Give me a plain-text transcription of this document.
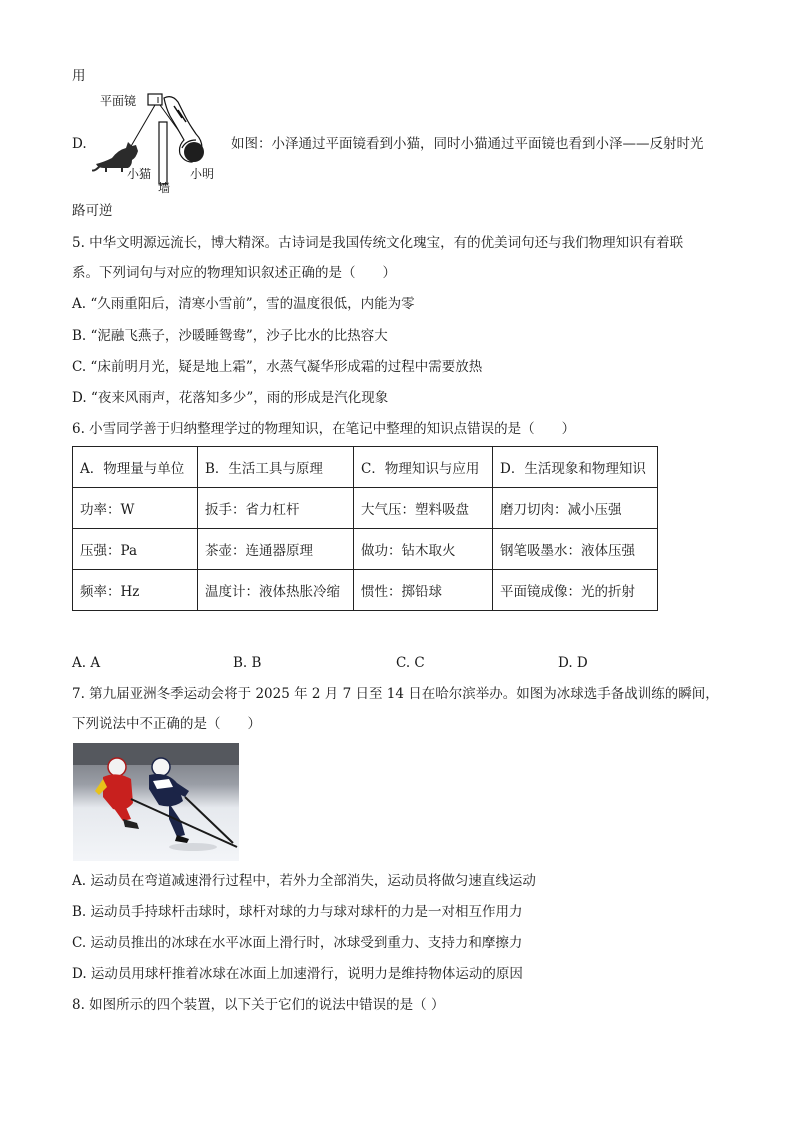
用
D.
平面镜
墙
小猫	小明
如图：小泽通过平面镜看到小猫，同时小猫通过平面镜也看到小泽——反射时光
路可逆
5. 中华文明源远流长，博大精深。古诗词是我国传统文化瑰宝，有的优美词句还与我们物理知识有着联
系。下列词句与对应的物理知识叙述正确的是（　　）
A. “久雨重阳后，清寒小雪前”，雪的温度很低，内能为零
B. “泥融飞燕子，沙暖睡鸳鸯”，沙子比水的比热容大
C. “床前明月光，疑是地上霜”，水蒸气凝华形成霜的过程中需要放热
D. “夜来风雨声，花落知多少”，雨的形成是汽化现象
6. 小雪同学善于归纳整理学过的物理知识，在笔记中整理的知识点错误的是（　　）
A．物理量与单位	B．生活工具与原理	C．物理知识与应用	D．生活现象和物理知识
功率：W	扳手：省力杠杆	大气压：塑料吸盘	磨刀切肉：减小压强
压强：Pa	茶壶：连通器原理	做功：钻木取火	钢笔吸墨水：液体压强
频率：Hz	温度计：液体热胀冷缩	惯性：掷铅球	平面镜成像：光的折射
A. A	B. B	C. C	D. D
7. 第九届亚洲冬季运动会将于 2025 年 2 月 7 日至 14 日在哈尔滨举办。如图为冰球选手备战训练的瞬间，
下列说法中不正确的是（　　）
A. 运动员在弯道减速滑行过程中，若外力全部消失，运动员将做匀速直线运动
B. 运动员手持球杆击球时，球杆对球的力与球对球杆的力是一对相互作用力
C. 运动员推出的冰球在水平冰面上滑行时，冰球受到重力、支持力和摩擦力
D. 运动员用球杆推着冰球在冰面上加速滑行，说明力是维持物体运动的原因
8. 如图所示的四个装置，以下关于它们的说法中错误的是（ ）
